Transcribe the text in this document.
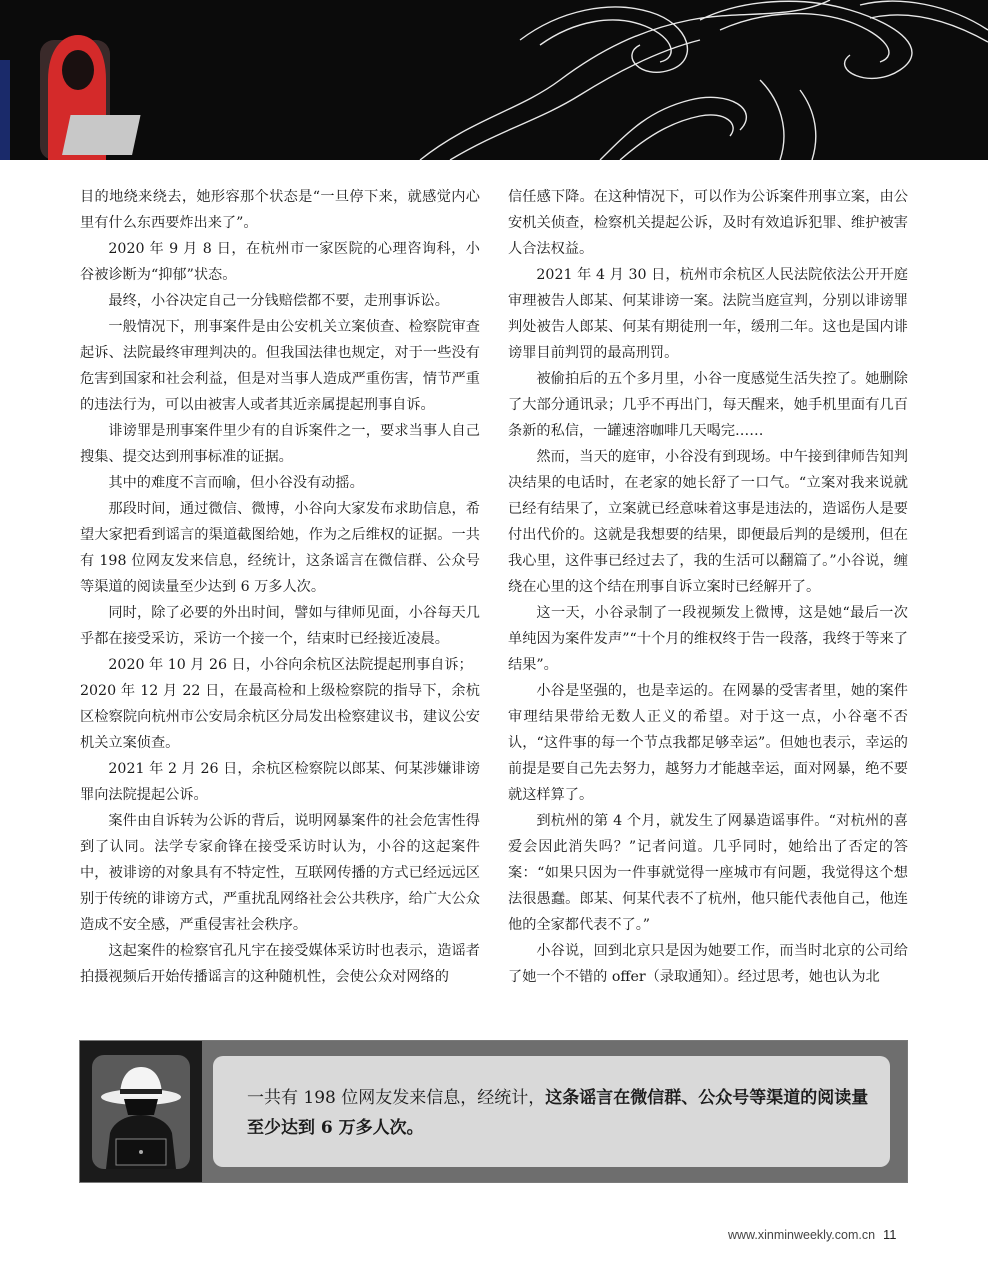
目的地绕来绕去，她形容那个状态是“一旦停下来，就感觉内心里有什么东西要炸出来了”。

2020 年 9 月 8 日，在杭州市一家医院的心理咨询科，小谷被诊断为“抑郁”状态。

最终，小谷决定自己一分钱赔偿都不要，走刑事诉讼。

一般情况下，刑事案件是由公安机关立案侦查、检察院审查起诉、法院最终审理判决的。但我国法律也规定，对于一些没有危害到国家和社会利益，但是对当事人造成严重伤害，情节严重的违法行为，可以由被害人或者其近亲属提起刑事自诉。

诽谤罪是刑事案件里少有的自诉案件之一，要求当事人自己搜集、提交达到刑事标准的证据。

其中的难度不言而喻，但小谷没有动摇。

那段时间，通过微信、微博，小谷向大家发布求助信息，希望大家把看到谣言的渠道截图给她，作为之后维权的证据。一共有 198 位网友发来信息，经统计，这条谣言在微信群、公众号等渠道的阅读量至少达到 6 万多人次。

同时，除了必要的外出时间，譬如与律师见面，小谷每天几乎都在接受采访，采访一个接一个，结束时已经接近凌晨。

2020 年 10 月 26 日，小谷向余杭区法院提起刑事自诉；

2020 年 12 月 22 日，在最高检和上级检察院的指导下，余杭区检察院向杭州市公安局余杭区分局发出检察建议书，建议公安机关立案侦查。

2021 年 2 月 26 日，余杭区检察院以郎某、何某涉嫌诽谤罪向法院提起公诉。

案件由自诉转为公诉的背后，说明网暴案件的社会危害性得到了认同。法学专家俞锋在接受采访时认为，小谷的这起案件中，被诽谤的对象具有不特定性，互联网传播的方式已经远远区别于传统的诽谤方式，严重扰乱网络社会公共秩序，给广大公众造成不安全感，严重侵害社会秩序。

这起案件的检察官孔凡宇在接受媒体采访时也表示，造谣者拍摄视频后开始传播谣言的这种随机性，会使公众对网络的

信任感下降。在这种情况下，可以作为公诉案件刑事立案，由公安机关侦查，检察机关提起公诉，及时有效追诉犯罪、维护被害人合法权益。

2021 年 4 月 30 日，杭州市余杭区人民法院依法公开开庭审理被告人郎某、何某诽谤一案。法院当庭宣判，分别以诽谤罪判处被告人郎某、何某有期徒刑一年，缓刑二年。这也是国内诽谤罪目前判罚的最高刑罚。

被偷拍后的五个多月里，小谷一度感觉生活失控了。她删除了大部分通讯录；几乎不再出门，每天醒来，她手机里面有几百条新的私信，一罐速溶咖啡几天喝完……

然而，当天的庭审，小谷没有到现场。中午接到律师告知判决结果的电话时，在老家的她长舒了一口气。“立案对我来说就已经有结果了，立案就已经意味着这事是违法的，造谣伤人是要付出代价的。这就是我想要的结果，即便最后判的是缓刑，但在我心里，这件事已经过去了，我的生活可以翻篇了。”小谷说，缠绕在心里的这个结在刑事自诉立案时已经解开了。

这一天，小谷录制了一段视频发上微博，这是她“最后一次单纯因为案件发声”“十个月的维权终于告一段落，我终于等来了结果”。

小谷是坚强的，也是幸运的。在网暴的受害者里，她的案件审理结果带给无数人正义的希望。对于这一点，小谷毫不否认，“这件事的每一个节点我都足够幸运”。但她也表示，幸运的前提是要自己先去努力，越努力才能越幸运，面对网暴，绝不要就这样算了。

到杭州的第 4 个月，就发生了网暴造谣事件。“对杭州的喜爱会因此消失吗？”记者问道。几乎同时，她给出了否定的答案：“如果只因为一件事就觉得一座城市有问题，我觉得这个想法很愚蠢。郎某、何某代表不了杭州，他只能代表他自己，他连他的全家都代表不了。”

小谷说，回到北京只是因为她要工作，而当时北京的公司给了她一个不错的 offer（录取通知）。经过思考，她也认为北

一共有 198 位网友发来信息，经统计，这条谣言在微信群、公众号等渠道的阅读量至少达到 6 万多人次。
www.xinminweekly.com.cn 11
